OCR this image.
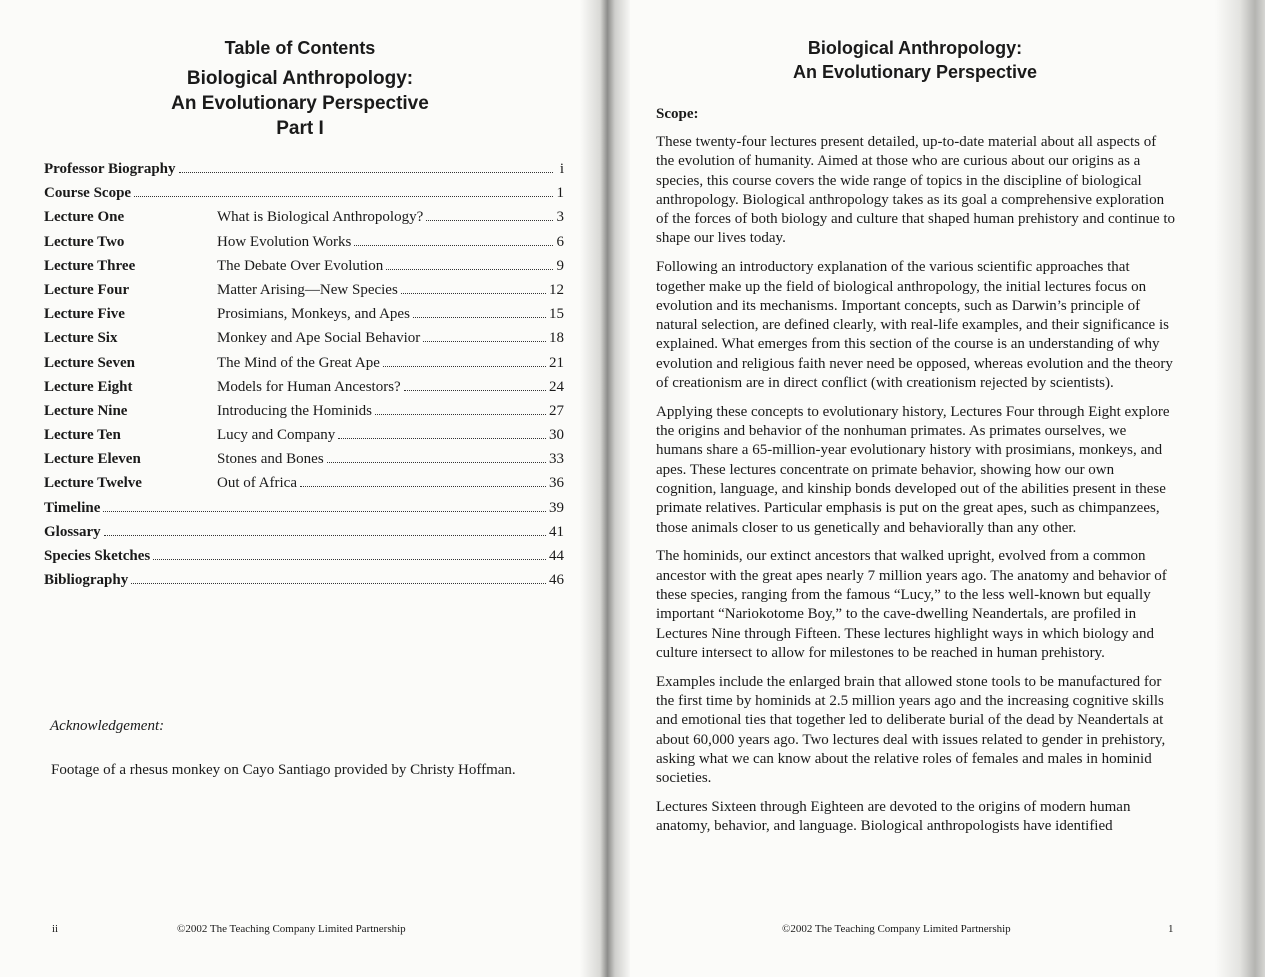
Table of Contents
Biological Anthropology:
An Evolutionary Perspective
Part I
Professor Biography	i
Course Scope	1
Lecture One	What is Biological Anthropology?	3
Lecture Two	How Evolution Works	6
Lecture Three	The Debate Over Evolution	9
Lecture Four	Matter Arising—New Species	12
Lecture Five	Prosimians, Monkeys, and Apes	15
Lecture Six	Monkey and Ape Social Behavior	18
Lecture Seven	The Mind of the Great Ape	21
Lecture Eight	Models for Human Ancestors?	24
Lecture Nine	Introducing the Hominids	27
Lecture Ten	Lucy and Company	30
Lecture Eleven	Stones and Bones	33
Lecture Twelve	Out of Africa	36
Timeline	39
Glossary	41
Species Sketches	44
Bibliography	46
Acknowledgement:
Footage of a rhesus monkey on Cayo Santiago provided by Christy Hoffman.
ii	©2002 The Teaching Company Limited Partnership
Biological Anthropology:
An Evolutionary Perspective
Scope:

These twenty-four lectures present detailed, up-to-date material about all aspects of the evolution of humanity. Aimed at those who are curious about our origins as a species, this course covers the wide range of topics in the discipline of biological anthropology. Biological anthropology takes as its goal a comprehensive exploration of the forces of both biology and culture that shaped human prehistory and continue to shape our lives today.

Following an introductory explanation of the various scientific approaches that together make up the field of biological anthropology, the initial lectures focus on evolution and its mechanisms. Important concepts, such as Darwin’s principle of natural selection, are defined clearly, with real-life examples, and their significance is explained. What emerges from this section of the course is an understanding of why evolution and religious faith never need be opposed, whereas evolution and the theory of creationism are in direct conflict (with creationism rejected by scientists).

Applying these concepts to evolutionary history, Lectures Four through Eight explore the origins and behavior of the nonhuman primates. As primates ourselves, we humans share a 65-million-year evolutionary history with prosimians, monkeys, and apes. These lectures concentrate on primate behavior, showing how our own cognition, language, and kinship bonds developed out of the abilities present in these primate relatives. Particular emphasis is put on the great apes, such as chimpanzees, those animals closer to us genetically and behaviorally than any other.

The hominids, our extinct ancestors that walked upright, evolved from a common ancestor with the great apes nearly 7 million years ago. The anatomy and behavior of these species, ranging from the famous “Lucy,” to the less well-known but equally important “Nariokotome Boy,” to the cave-dwelling Neandertals, are profiled in Lectures Nine through Fifteen. These lectures highlight ways in which biology and culture intersect to allow for milestones to be reached in human prehistory.

Examples include the enlarged brain that allowed stone tools to be manufactured for the first time by hominids at 2.5 million years ago and the increasing cognitive skills and emotional ties that together led to deliberate burial of the dead by Neandertals at about 60,000 years ago. Two lectures deal with issues related to gender in prehistory, asking what we can know about the relative roles of females and males in hominid societies.

Lectures Sixteen through Eighteen are devoted to the origins of modern human anatomy, behavior, and language. Biological anthropologists have identified

©2002 The Teaching Company Limited Partnership	1
